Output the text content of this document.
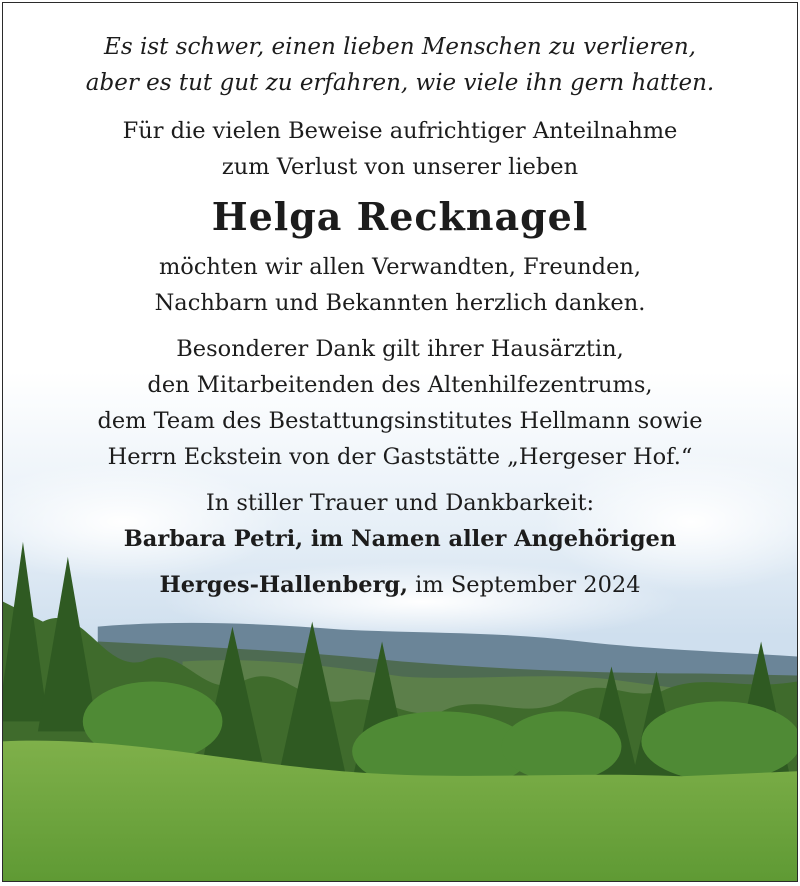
Es ist schwer, einen lieben Menschen zu verlieren,
aber es tut gut zu erfahren, wie viele ihn gern hatten.
Für die vielen Beweise aufrichtiger Anteilnahme
zum Verlust von unserer lieben
Helga Recknagel
möchten wir allen Verwandten, Freunden,
Nachbarn und Bekannten herzlich danken.
Besonderer Dank gilt ihrer Hausärztin,
den Mitarbeitenden des Altenhilfezentrums,
dem Team des Bestattungsinstitutes Hellmann sowie
Herrn Eckstein von der Gaststätte „Hergeser Hof.“
In stiller Trauer und Dankbarkeit:
Barbara Petri, im Namen aller Angehörigen
Herges-Hallenberg, im September 2024
